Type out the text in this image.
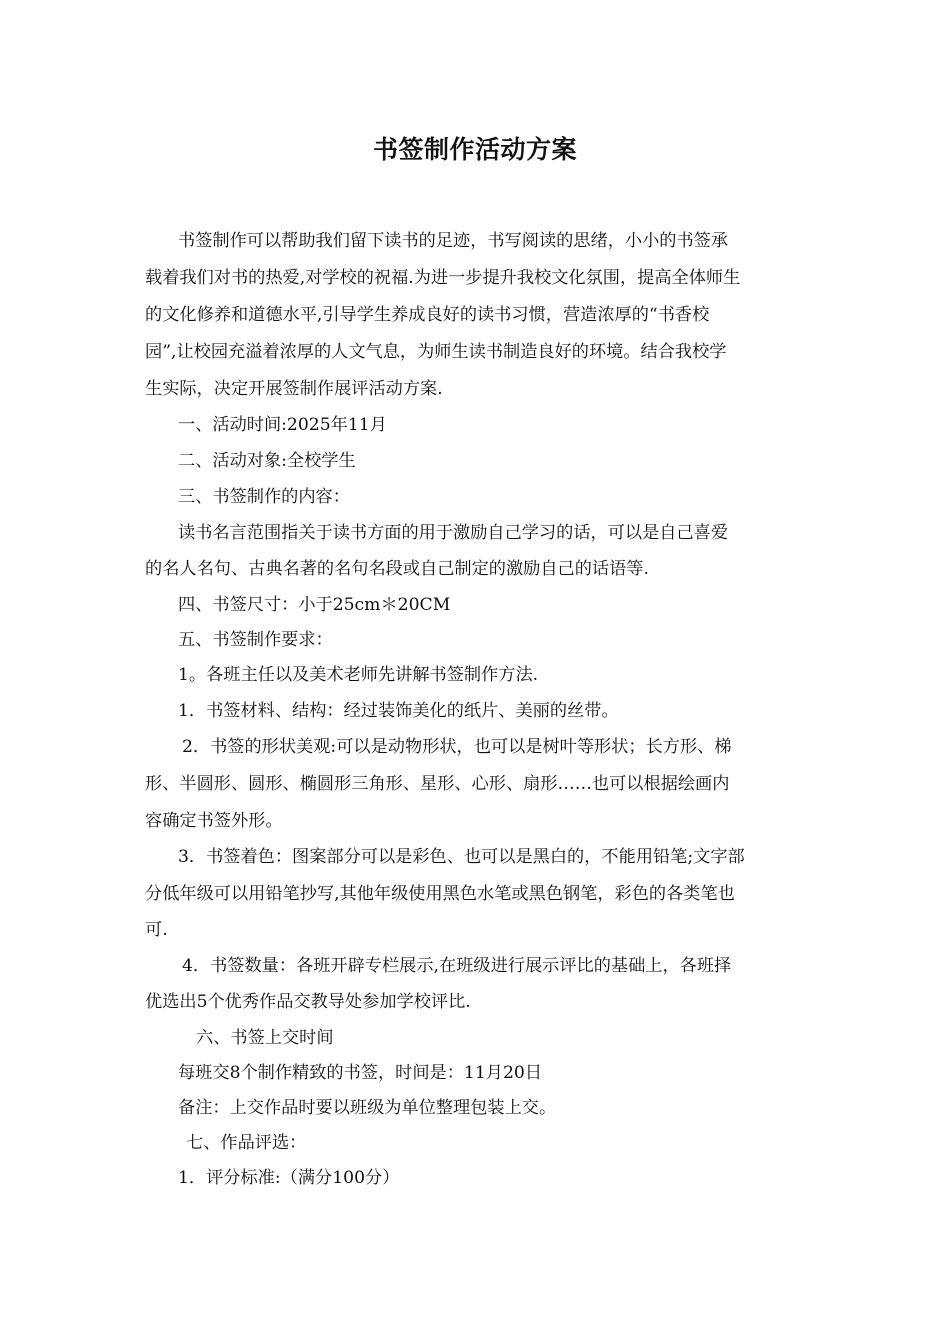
书签制作活动方案
书签制作可以帮助我们留下读书的足迹，书写阅读的思绪，小小的书签承
载着我们对书的热爱,对学校的祝福.为进一步提升我校文化氛围，提高全体师生
的文化修养和道德水平,引导学生养成良好的读书习惯，营造浓厚的“书香校
园”,让校园充溢着浓厚的人文气息，为师生读书制造良好的环境。结合我校学
生实际，决定开展签制作展评活动方案.
一、活动时间:2025年11月
二、活动对象:全校学生
三、书签制作的内容：
读书名言范围指关于读书方面的用于激励自己学习的话，可以是自己喜爱
的名人名句、古典名著的名句名段或自己制定的激励自己的话语等.
四、书签尺寸：小于25cm＊20CM
五、书签制作要求：
1。各班主任以及美术老师先讲解书签制作方法.
1．书签材料、结构：经过装饰美化的纸片、美丽的丝带。
2．书签的形状美观:可以是动物形状，也可以是树叶等形状；长方形、梯
形、半圆形、圆形、椭圆形三角形、星形、心形、扇形……也可以根据绘画内
容确定书签外形。
3．书签着色：图案部分可以是彩色、也可以是黑白的，不能用铅笔;文字部
分低年级可以用铅笔抄写,其他年级使用黑色水笔或黑色钢笔，彩色的各类笔也
可.
4．书签数量：各班开辟专栏展示,在班级进行展示评比的基础上，各班择
优选出5个优秀作品交教导处参加学校评比.
六、书签上交时间
每班交8个制作精致的书签，时间是：11月20日
备注：上交作品时要以班级为单位整理包装上交。
七、作品评选：
1．评分标准:（满分100分）
